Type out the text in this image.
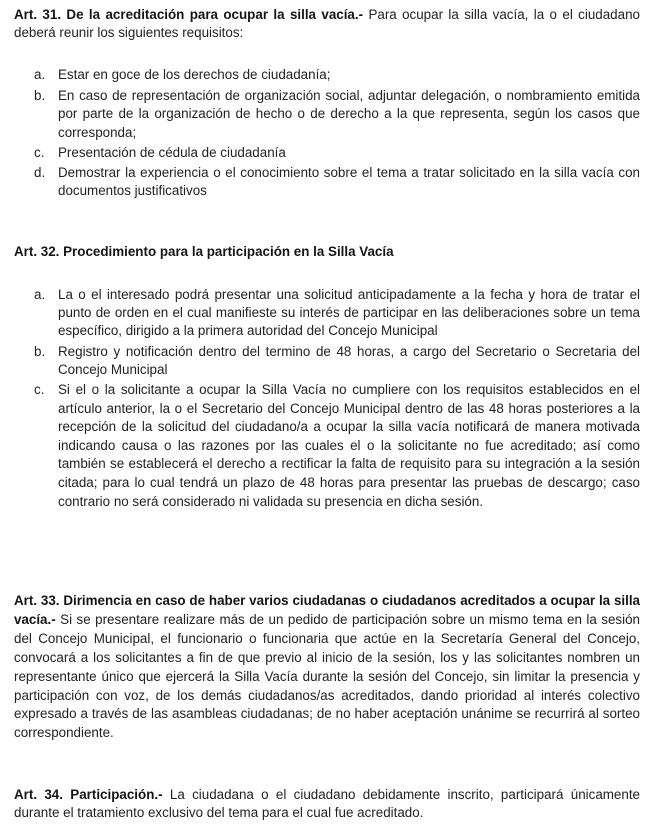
Art. 31. De la acreditación para ocupar la silla vacía.- Para ocupar la silla vacía, la o el ciudadano deberá reunir los siguientes requisitos:
a. Estar en goce de los derechos de ciudadanía;
b. En caso de representación de organización social, adjuntar delegación, o nombramiento emitida por parte de la organización de hecho o de derecho a la que representa, según los casos que corresponda;
c. Presentación de cédula de ciudadanía
d. Demostrar la experiencia o el conocimiento sobre el tema a tratar solicitado en la silla vacía con documentos justificativos
Art. 32. Procedimiento para la participación en la Silla Vacía
a. La o el interesado podrá presentar una solicitud anticipadamente a la fecha y hora de tratar el punto de orden en el cual manifieste su interés de participar en las deliberaciones sobre un tema específico, dirigido a la primera autoridad del Concejo Municipal
b. Registro y notificación dentro del termino de 48 horas, a cargo del Secretario o Secretaria del Concejo Municipal
c. Si el o la solicitante a ocupar la Silla Vacía no cumpliere con los requisitos establecidos en el artículo anterior, la o el Secretario del Concejo Municipal dentro de las 48 horas posteriores a la recepción de la solicitud del ciudadano/a a ocupar la silla vacía notificará de manera motivada indicando causa o las razones por las cuales el o la solicitante no fue acreditado; así como también se establecerá el derecho a rectificar la falta de requisito para su integración a la sesión citada; para lo cual tendrá un plazo de 48 horas para presentar las pruebas de descargo; caso contrario no será considerado ni validada su presencia en dicha sesión.
Art. 33. Dirimencia en caso de haber varios ciudadanas o ciudadanos acreditados a ocupar la silla vacía.- Si se presentare realizare más de un pedido de participación sobre un mismo tema en la sesión del Concejo Municipal, el funcionario o funcionaria que actúe en la Secretaría General del Concejo, convocará a los solicitantes a fin de que previo al inicio de la sesión, los y las solicitantes nombren un representante único que ejercerá la Silla Vacía durante la sesión del Concejo, sin limitar la presencia y participación con voz, de los demás ciudadanos/as acreditados, dando prioridad al interés colectivo expresado a través de las asambleas ciudadanas; de no haber aceptación unánime se recurrirá al sorteo correspondiente.
Art. 34. Participación.- La ciudadana o el ciudadano debidamente inscrito, participará únicamente durante el tratamiento exclusivo del tema para el cual fue acreditado.
